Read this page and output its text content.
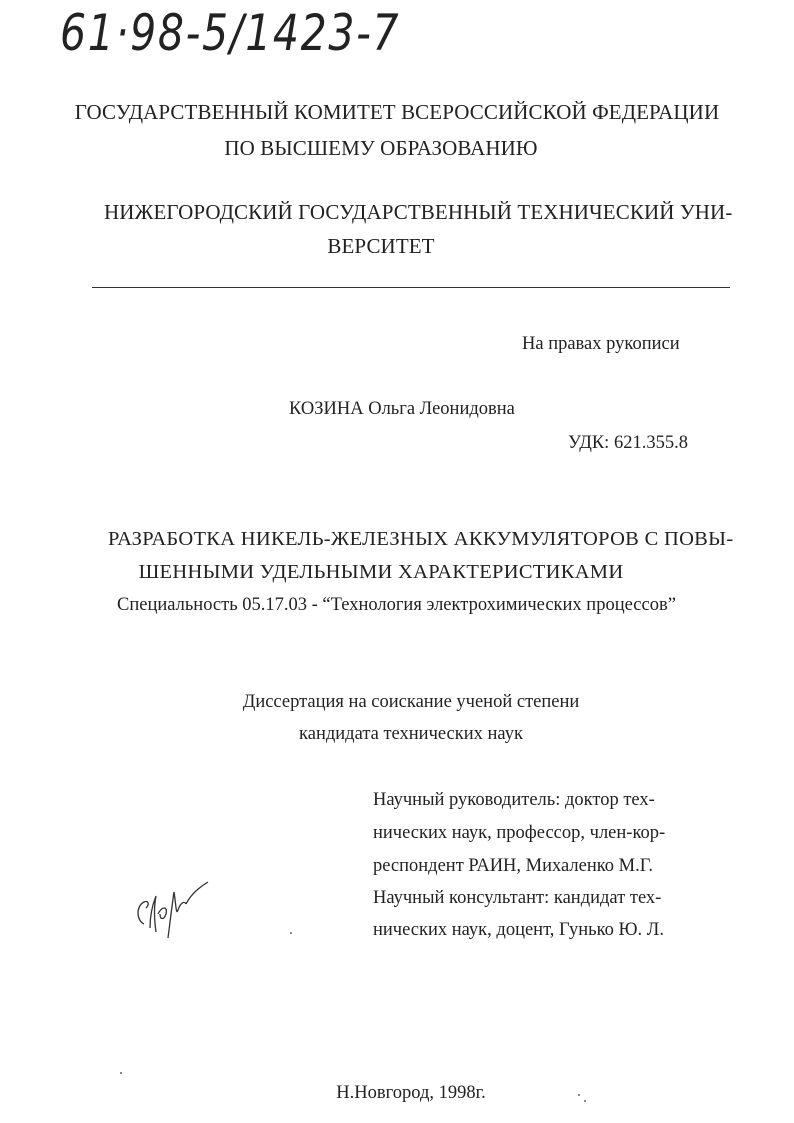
61·98-5/1423-7
ГОСУДАРСТВЕННЫЙ КОМИТЕТ ВСЕРОССИЙСКОЙ ФЕДЕРАЦИИ
ПО ВЫСШЕМУ ОБРАЗОВАНИЮ
НИЖЕГОРОДСКИЙ ГОСУДАРСТВЕННЫЙ ТЕХНИЧЕСКИЙ УНИ-
ВЕРСИТЕТ
На правах рукописи
КОЗИНА Ольга Леонидовна
УДК: 621.355.8
РАЗРАБОТКА НИКЕЛЬ-ЖЕЛЕЗНЫХ АККУМУЛЯТОРОВ С ПОВЫ-
ШЕННЫМИ УДЕЛЬНЫМИ ХАРАКТЕРИСТИКАМИ
Специальность 05.17.03 - “Технология электрохимических процессов”
Диссертация на соискание ученой степени
кандидата технических наук
Научный руководитель: доктор тех-
нических наук, профессор, член-кор-
респондент РАИН, Михаленко М.Г.
Научный консультант: кандидат тех-
нических наук, доцент, Гунько Ю. Л.
Н.Новгород, 1998г.
